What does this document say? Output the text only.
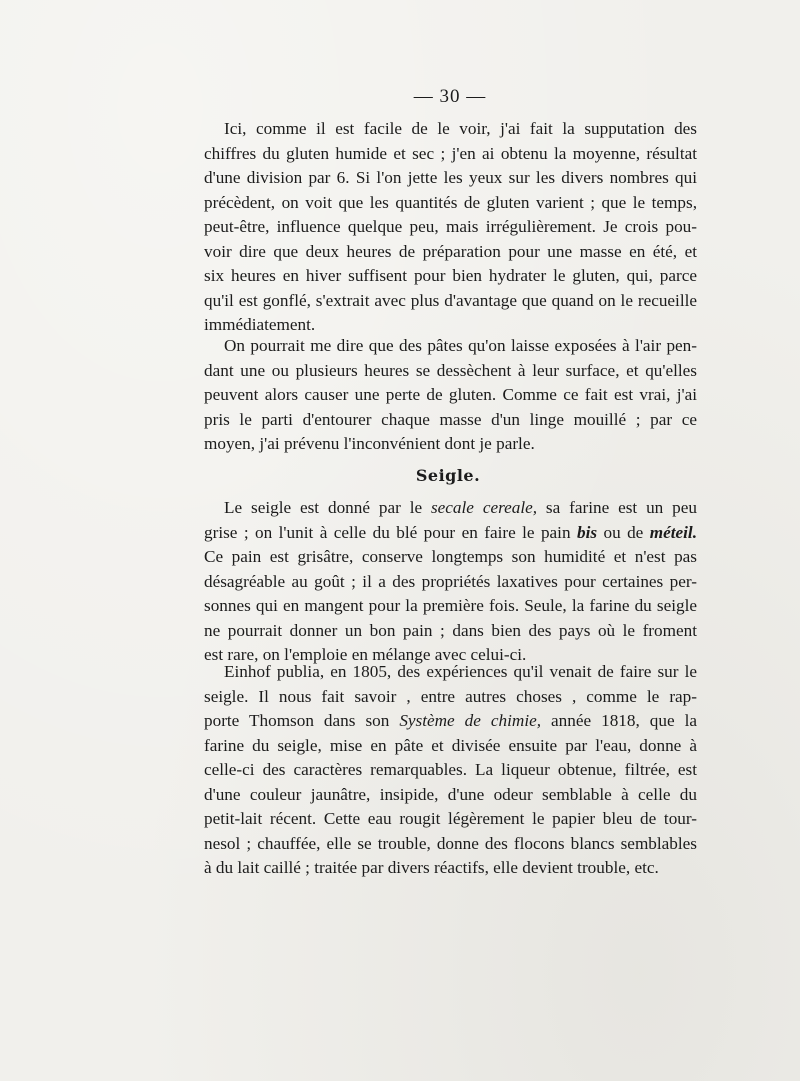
— 30 —
Ici, comme il est facile de le voir, j'ai fait la supputation des
chiffres du gluten humide et sec ; j'en ai obtenu la moyenne, résultat
d'une division par 6. Si l'on jette les yeux sur les divers nombres qui
précèdent, on voit que les quantités de gluten varient ; que le temps,
peut-être, influence quelque peu, mais irrégulièrement. Je crois pou-
voir dire que deux heures de préparation pour une masse en été, et
six heures en hiver suffisent pour bien hydrater le gluten, qui, parce
qu'il est gonflé, s'extrait avec plus d'avantage que quand on le recueille
immédiatement.
On pourrait me dire que des pâtes qu'on laisse exposées à l'air pen-
dant une ou plusieurs heures se dessèchent à leur surface, et qu'elles
peuvent alors causer une perte de gluten. Comme ce fait est vrai, j'ai
pris le parti d'entourer chaque masse d'un linge mouillé ; par ce
moyen, j'ai prévenu l'inconvénient dont je parle.
Seigle.
Le seigle est donné par le secale cereale, sa farine est un peu
grise ; on l'unit à celle du blé pour en faire le pain bis ou de méteil.
Ce pain est grisâtre, conserve longtemps son humidité et n'est pas
désagréable au goût ; il a des propriétés laxatives pour certaines per-
sonnes qui en mangent pour la première fois. Seule, la farine du seigle
ne pourrait donner un bon pain ; dans bien des pays où le froment
est rare, on l'emploie en mélange avec celui-ci.
Einhof publia, en 1805, des expériences qu'il venait de faire sur le
seigle. Il nous fait savoir , entre autres choses , comme le rap-
porte Thomson dans son Système de chimie, année 1818, que la
farine du seigle, mise en pâte et divisée ensuite par l'eau, donne à
celle-ci des caractères remarquables. La liqueur obtenue, filtrée, est
d'une couleur jaunâtre, insipide, d'une odeur semblable à celle du
petit-lait récent. Cette eau rougit légèrement le papier bleu de tour-
nesol ; chauffée, elle se trouble, donne des flocons blancs semblables
à du lait caillé ; traitée par divers réactifs, elle devient trouble, etc.
